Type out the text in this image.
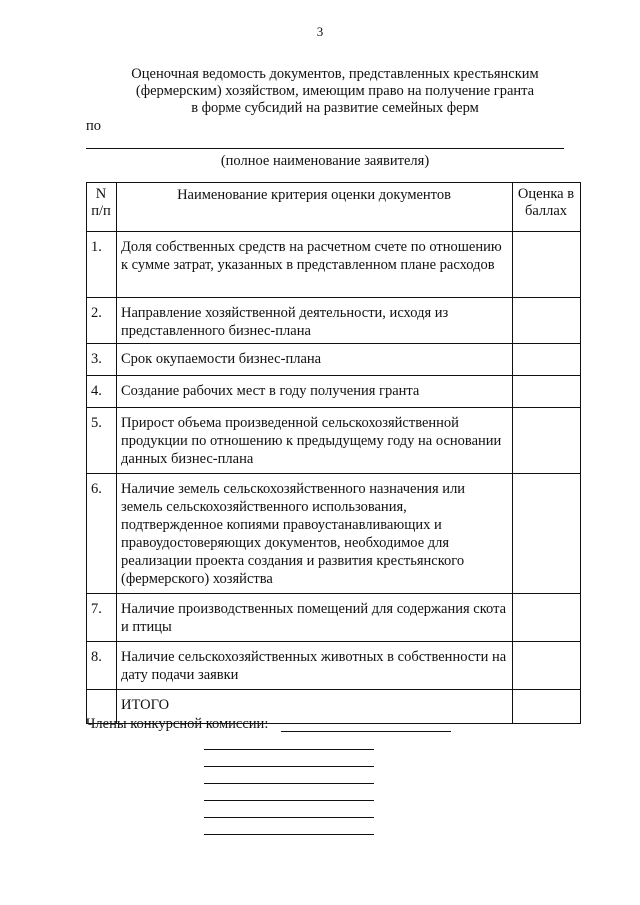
3
Оценочная ведомость документов, представленных крестьянским
(фермерским) хозяйством, имеющим право на получение гранта
в форме субсидий на развитие семейных ферм
по
(полное наименование заявителя)
N п/п	Наименование критерия оценки документов	Оценка в баллах
1.	Доля собственных средств на расчетном счете по отношению к сумме затрат, указанных в представленном плане расходов	
2.	Направление хозяйственной деятельности, исходя из представленного бизнес-плана	
3.	Срок окупаемости бизнес-плана	
4.	Создание рабочих мест в году получения гранта	
5.	Прирост объема произведенной сельскохозяйственной продукции по отношению к предыдущему году на основании данных бизнес-плана	
6.	Наличие земель сельскохозяйственного назначения или земель сельскохозяйственного использования, подтвержденное копиями правоустанавливающих и правоудостоверяющих документов, необходимое для реализации проекта создания и развития крестьянского (фермерского) хозяйства	
7.	Наличие производственных помещений для содержания скота и птицы	
8.	Наличие сельскохозяйственных животных в собственности на дату подачи заявки	
	ИТОГО	
Члены конкурсной комиссии:
